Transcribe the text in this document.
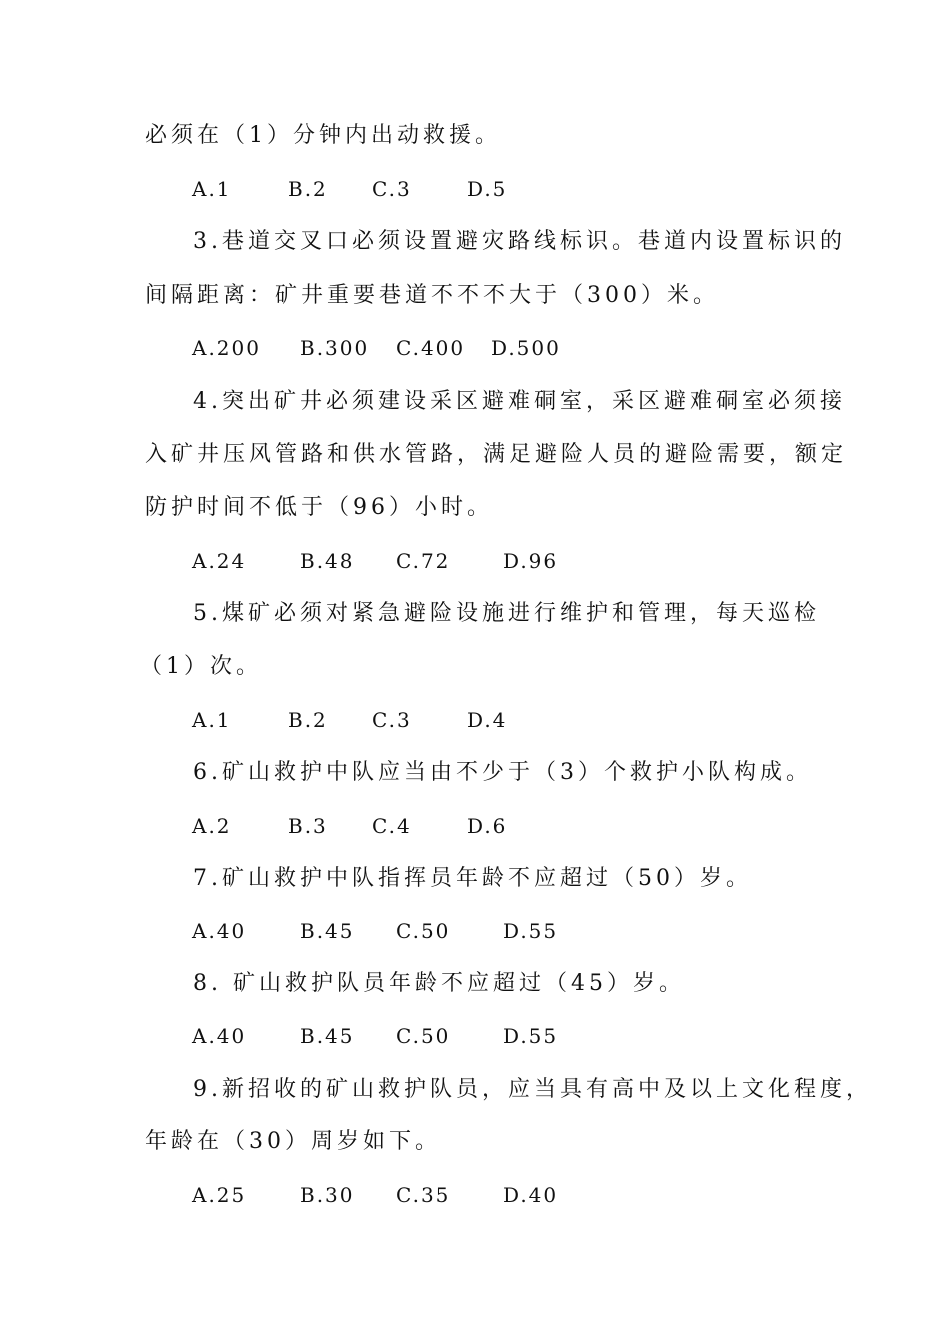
必须在（1）分钟内出动救援。
3.巷道交叉口必须设置避灾路线标识。巷道内设置标识的
间隔距离：矿井重要巷道不不不大于（300）米。
4.突出矿井必须建设采区避难硐室，采区避难硐室必须接
入矿井压风管路和供水管路，满足避险人员的避险需要，额定
防护时间不低于（96）小时。
5.煤矿必须对紧急避险设施进行维护和管理，每天巡检
（1）次。
6.矿山救护中队应当由不少于（3）个救护小队构成。
7.矿山救护中队指挥员年龄不应超过（50）岁。
8. 矿山救护队员年龄不应超过（45）岁。
9.新招收的矿山救护队员，应当具有高中及以上文化程度，
年龄在（30）周岁如下。
A.1	B.2 C.3	D.5
A.200 B.300 C.400 D.500
A.24	B.48 C.72	D.96
A.1	B.2 C.3	D.4
A.2	B.3 C.4	D.6
A.40	B.45 C.50	D.55
A.40	B.45 C.50	D.55
A.25	B.30 C.35	D.40
